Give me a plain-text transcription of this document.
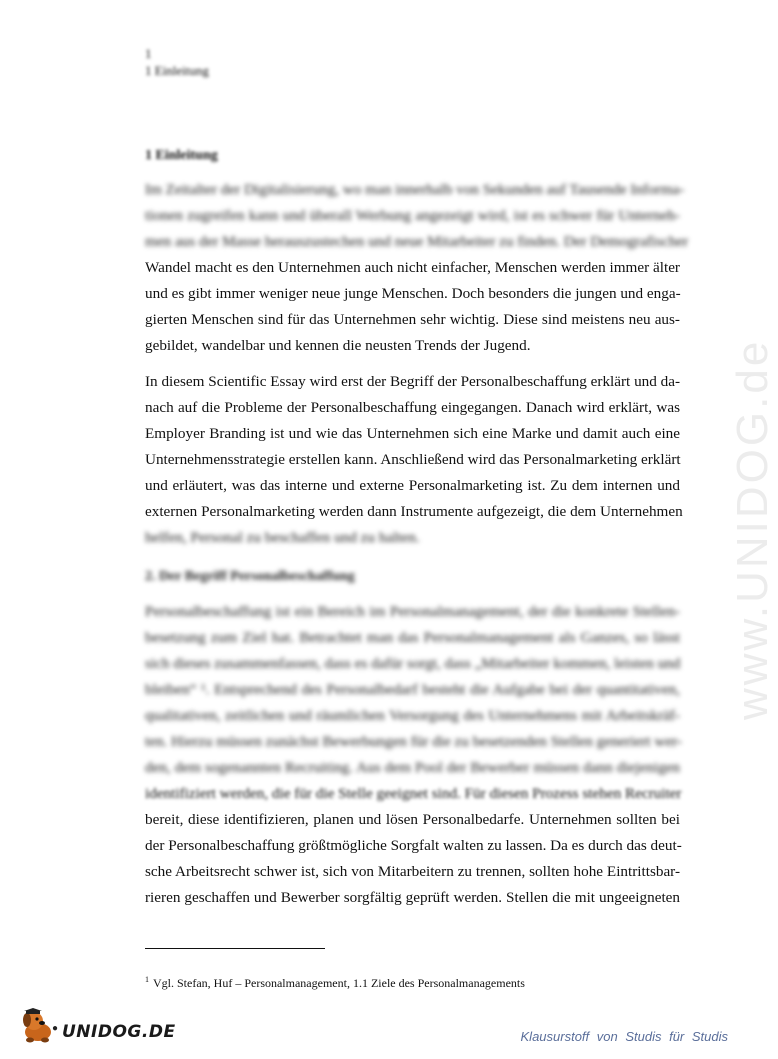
www.UNIDOG.de
1
1 Einleitung
1 Einleitung
Im Zeitalter der Digitalisierung, wo man innerhalb von Sekunden auf Tausende Informa-
tionen zugreifen kann und überall Werbung angezeigt wird, ist es schwer für Unterneh-
men aus der Masse herauszustechen und neue Mitarbeiter zu finden. Der Demografischer
Wandel macht es den Unternehmen auch nicht einfacher, Menschen werden immer älter
und es gibt immer weniger neue junge Menschen. Doch besonders die jungen und enga-
gierten Menschen sind für das Unternehmen sehr wichtig. Diese sind meistens neu aus-
gebildet, wandelbar und kennen die neusten Trends der Jugend.
In diesem Scientific Essay wird erst der Begriff der Personalbeschaffung erklärt und da-
nach auf die Probleme der Personalbeschaffung eingegangen. Danach wird erklärt, was
Employer Branding ist und wie das Unternehmen sich eine Marke und damit auch eine
Unternehmensstrategie erstellen kann. Anschließend wird das Personalmarketing erklärt
und erläutert, was das interne und externe Personalmarketing ist. Zu dem internen und
externen Personalmarketing werden dann Instrumente aufgezeigt, die dem Unternehmen
helfen, Personal zu beschaffen und zu halten.
2. Der Begriff Personalbeschaffung
Personalbeschaffung ist ein Bereich im Personalmanagement, der die konkrete Stellen-
besetzung zum Ziel hat. Betrachtet man das Personalmanagement als Ganzes, so lässt
sich dieses zusammenfassen, dass es dafür sorgt, dass „Mitarbeiter kommen, leisten und
bleiben“ ¹. Entsprechend des Personalbedarf besteht die Aufgabe bei der quantitativen,
qualitativen, zeitlichen und räumlichen Versorgung des Unternehmens mit Arbeitskräf-
ten. Hierzu müssen zunächst Bewerbungen für die zu besetzenden Stellen generiert wer-
den, dem sogenannten Recruiting. Aus dem Pool der Bewerber müssen dann diejenigen
identifiziert werden, die für die Stelle geeignet sind. Für diesen Prozess stehen Recruiter
bereit, diese identifizieren, planen und lösen Personalbedarfe. Unternehmen sollten bei
der Personalbeschaffung größtmögliche Sorgfalt walten zu lassen. Da es durch das deut-
sche Arbeitsrecht schwer ist, sich von Mitarbeitern zu trennen, sollten hohe Eintrittsbar-
rieren geschaffen und Bewerber sorgfältig geprüft werden. Stellen die mit ungeeigneten
$^1$ Vgl. Stefan, Huf – Personalmanagement, 1.1 Ziele des Personalmanagements
● UNIDOG.DE	Klausurstoff von Studis für Studis
